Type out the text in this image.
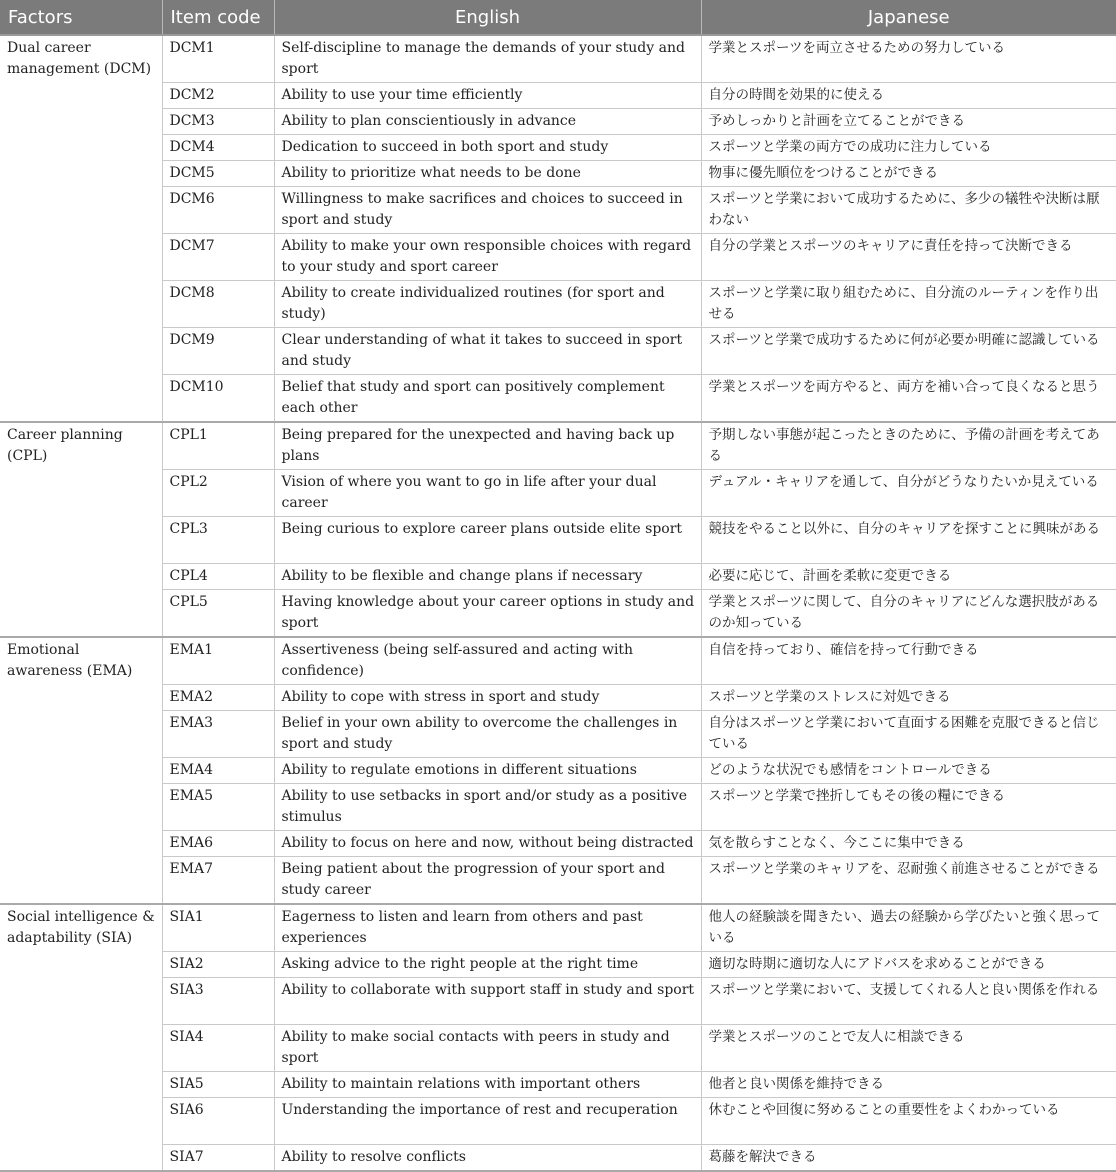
Factors	Item code	English	Japanese
Dual career management (DCM)	DCM1	Self-discipline to manage the demands of your study and sport	学業とスポーツを両立させるための努力している
	DCM2	Ability to use your time efficiently	自分の時間を効果的に使える
	DCM3	Ability to plan conscientiously in advance	予めしっかりと計画を立てることができる
	DCM4	Dedication to succeed in both sport and study	スポーツと学業の両方での成功に注力している
	DCM5	Ability to prioritize what needs to be done	物事に優先順位をつけることができる
	DCM6	Willingness to make sacrifices and choices to succeed in sport and study	スポーツと学業において成功するために、多少の犠牲や決断は厭わない
	DCM7	Ability to make your own responsible choices with regard to your study and sport career	自分の学業とスポーツのキャリアに責任を持って決断できる
	DCM8	Ability to create individualized routines (for sport and study)	スポーツと学業に取り組むために、自分流のルーティンを作り出せる
	DCM9	Clear understanding of what it takes to succeed in sport and study	スポーツと学業で成功するために何が必要か明確に認識している
	DCM10	Belief that study and sport can positively complement each other	学業とスポーツを両方やると、両方を補い合って良くなると思う
Career planning (CPL)	CPL1	Being prepared for the unexpected and having back up plans	予期しない事態が起こったときのために、予備の計画を考えてある
	CPL2	Vision of where you want to go in life after your dual career	デュアル・キャリアを通して、自分がどうなりたいか見えている
	CPL3	Being curious to explore career plans outside elite sport	競技をやること以外に、自分のキャリアを探すことに興味がある
	CPL4	Ability to be flexible and change plans if necessary	必要に応じて、計画を柔軟に変更できる
	CPL5	Having knowledge about your career options in study and sport	学業とスポーツに関して、自分のキャリアにどんな選択肢があるのか知っている
Emotional awareness (EMA)	EMA1	Assertiveness (being self-assured and acting with confidence)	自信を持っており、確信を持って行動できる
	EMA2	Ability to cope with stress in sport and study	スポーツと学業のストレスに対処できる
	EMA3	Belief in your own ability to overcome the challenges in sport and study	自分はスポーツと学業において直面する困難を克服できると信じている
	EMA4	Ability to regulate emotions in different situations	どのような状況でも感情をコントロールできる
	EMA5	Ability to use setbacks in sport and/or study as a positive stimulus	スポーツと学業で挫折してもその後の糧にできる
	EMA6	Ability to focus on here and now, without being distracted	気を散らすことなく、今ここに集中できる
	EMA7	Being patient about the progression of your sport and study career	スポーツと学業のキャリアを、忍耐強く前進させることができる
Social intelligence & adaptability (SIA)	SIA1	Eagerness to listen and learn from others and past experiences	他人の経験談を聞きたい、過去の経験から学びたいと強く思っている
	SIA2	Asking advice to the right people at the right time	適切な時期に適切な人にアドバスを求めることができる
	SIA3	Ability to collaborate with support staff in study and sport	スポーツと学業において、支援してくれる人と良い関係を作れる
	SIA4	Ability to make social contacts with peers in study and sport	学業とスポーツのことで友人に相談できる
	SIA5	Ability to maintain relations with important others	他者と良い関係を維持できる
	SIA6	Understanding the importance of rest and recuperation	休むことや回復に努めることの重要性をよくわかっている
	SIA7	Ability to resolve conflicts	葛藤を解決できる
